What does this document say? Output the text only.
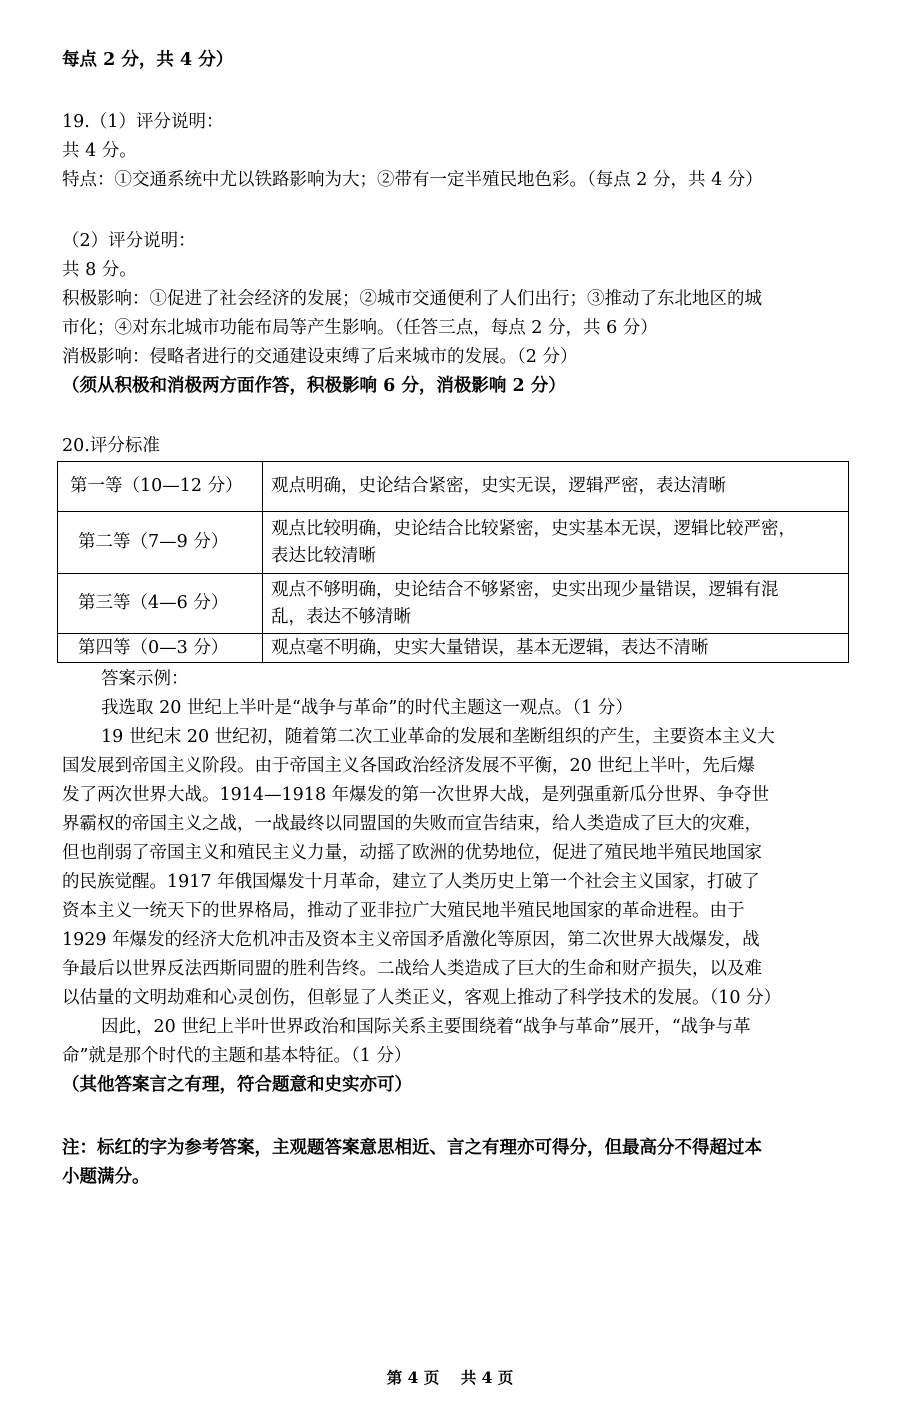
每点 2 分，共 4 分）
19.（1）评分说明：
共 4 分。
特点：①交通系统中尤以铁路影响为大；②带有一定半殖民地色彩。（每点 2 分，共 4 分）
（2）评分说明：
共 8 分。
积极影响：①促进了社会经济的发展；②城市交通便利了人们出行；③推动了东北地区的城
市化；④对东北城市功能布局等产生影响。（任答三点，每点 2 分，共 6 分）
消极影响：侵略者进行的交通建设束缚了后来城市的发展。（2 分）
（须从积极和消极两方面作答，积极影响 6 分，消极影响 2 分）
20.评分标准
第一等（10—12 分）	观点明确，史论结合紧密，史实无误，逻辑严密，表达清晰
第二等（7—9 分）	观点比较明确，史论结合比较紧密，史实基本无误，逻辑比较严密，
表达比较清晰

第三等（4—6 分）	观点不够明确，史论结合不够紧密，史实出现少量错误，逻辑有混
乱，表达不够清晰

第四等（0—3 分）	观点毫不明确，史实大量错误，基本无逻辑，表达不清晰
答案示例：
我选取 20 世纪上半叶是“战争与革命”的时代主题这一观点。（1 分）
19 世纪末 20 世纪初，随着第二次工业革命的发展和垄断组织的产生，主要资本主义大
国发展到帝国主义阶段。由于帝国主义各国政治经济发展不平衡，20 世纪上半叶，先后爆
发了两次世界大战。1914—1918 年爆发的第一次世界大战，是列强重新瓜分世界、争夺世
界霸权的帝国主义之战，一战最终以同盟国的失败而宣告结束，给人类造成了巨大的灾难，
但也削弱了帝国主义和殖民主义力量，动摇了欧洲的优势地位，促进了殖民地半殖民地国家
的民族觉醒。1917 年俄国爆发十月革命，建立了人类历史上第一个社会主义国家，打破了
资本主义一统天下的世界格局，推动了亚非拉广大殖民地半殖民地国家的革命进程。由于
1929 年爆发的经济大危机冲击及资本主义帝国矛盾激化等原因，第二次世界大战爆发，战
争最后以世界反法西斯同盟的胜利告终。二战给人类造成了巨大的生命和财产损失，以及难
以估量的文明劫难和心灵创伤，但彰显了人类正义，客观上推动了科学技术的发展。（10 分）
因此，20 世纪上半叶世界政治和国际关系主要围绕着“战争与革命”展开，“战争与革
命”就是那个时代的主题和基本特征。（1 分）
（其他答案言之有理，符合题意和史实亦可）
注：标红的字为参考答案，主观题答案意思相近、言之有理亦可得分，但最高分不得超过本
小题满分。
第 4 页 共 4 页
